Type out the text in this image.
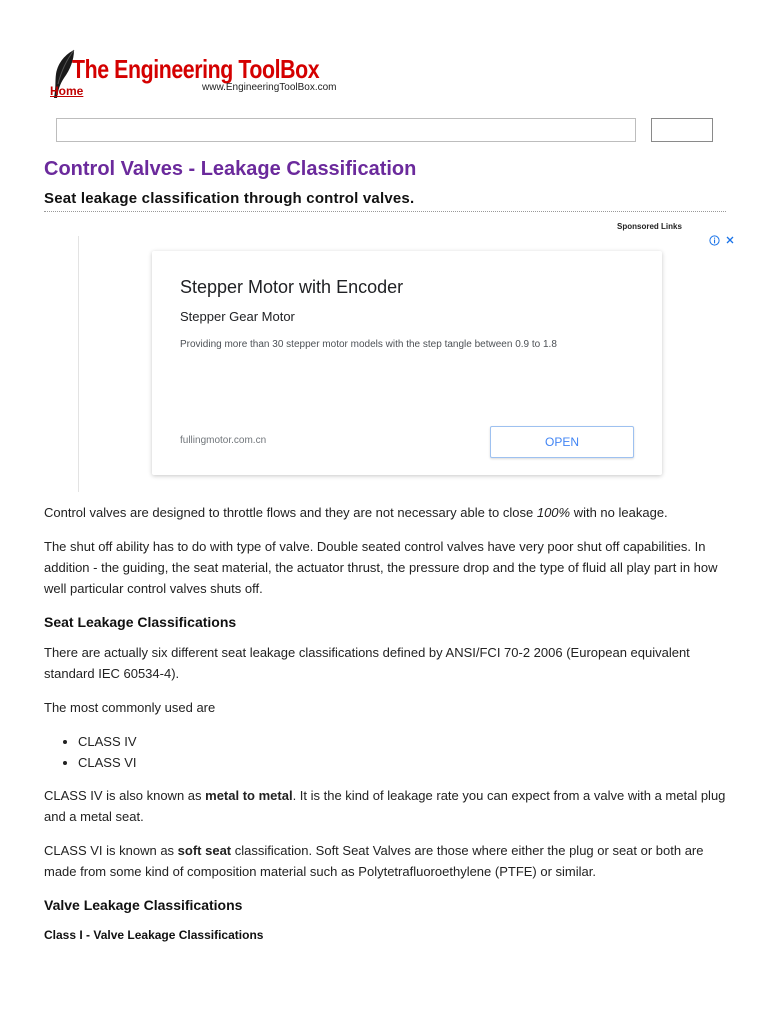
The Engineering ToolBox
Home	www.EngineeringToolBox.com
Control Valves - Leakage Classification
Seat leakage classification through control valves.
Sponsored Links

Stepper Motor with Encoder
Stepper Gear Motor
Providing more than 30 stepper motor models with the step tangle between 0.9 to 1.8
fullingmotor.com.cn	OPEN

Control valves are designed to throttle flows and they are not necessary able to close 100% with no leakage.

The shut off ability has to do with type of valve. Double seated control valves have very poor shut off capabilities. In addition - the guiding, the seat material, the actuator thrust, the pressure drop and the type of fluid all play part in how well particular control valves shuts off.

Seat Leakage Classifications

There are actually six different seat leakage classifications defined by ANSI/FCI 70-2 2006 (European equivalent standard IEC 60534-4).

The most commonly used are

• CLASS IV
• CLASS VI

CLASS IV is also known as metal to metal. It is the kind of leakage rate you can expect from a valve with a metal plug and a metal seat.

CLASS VI is known as soft seat classification. Soft Seat Valves are those where either the plug or seat or both are made from some kind of composition material such as Polytetrafluoroethylene (PTFE) or similar.

Valve Leakage Classifications
Class I - Valve Leakage Classifications
